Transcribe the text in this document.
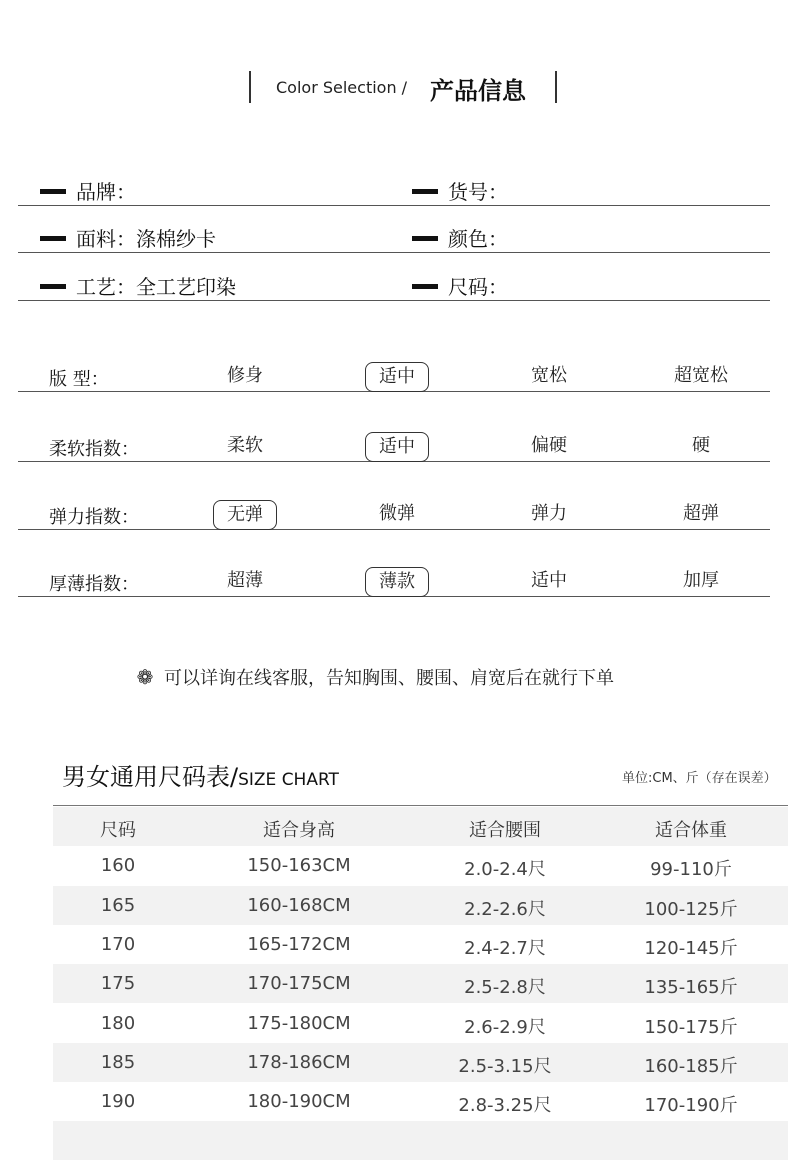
Color Selection / 产品信息
品牌：	货号：
面料：涤棉纱卡	颜色：
工艺：全工艺印染	尺码：
版 型：	修身	适中	宽松	超宽松
柔软指数：	柔软	适中	偏硬	硬
弹力指数：	无弹	微弹	弹力	超弹
厚薄指数：	超薄	薄款	适中	加厚
❁ 可以详询在线客服，告知胸围、腰围、肩宽后在就行下单
男女通用尺码表/SIZE CHART	单位:CM、斤（存在误差）
尺码	适合身高	适合腰围	适合体重
160	150-163CM	2.0-2.4尺	99-110斤
165	160-168CM	2.2-2.6尺	100-125斤
170	165-172CM	2.4-2.7尺	120-145斤
175	170-175CM	2.5-2.8尺	135-165斤
180	175-180CM	2.6-2.9尺	150-175斤
185	178-186CM	2.5-3.15尺	160-185斤
190	180-190CM	2.8-3.25尺	170-190斤
